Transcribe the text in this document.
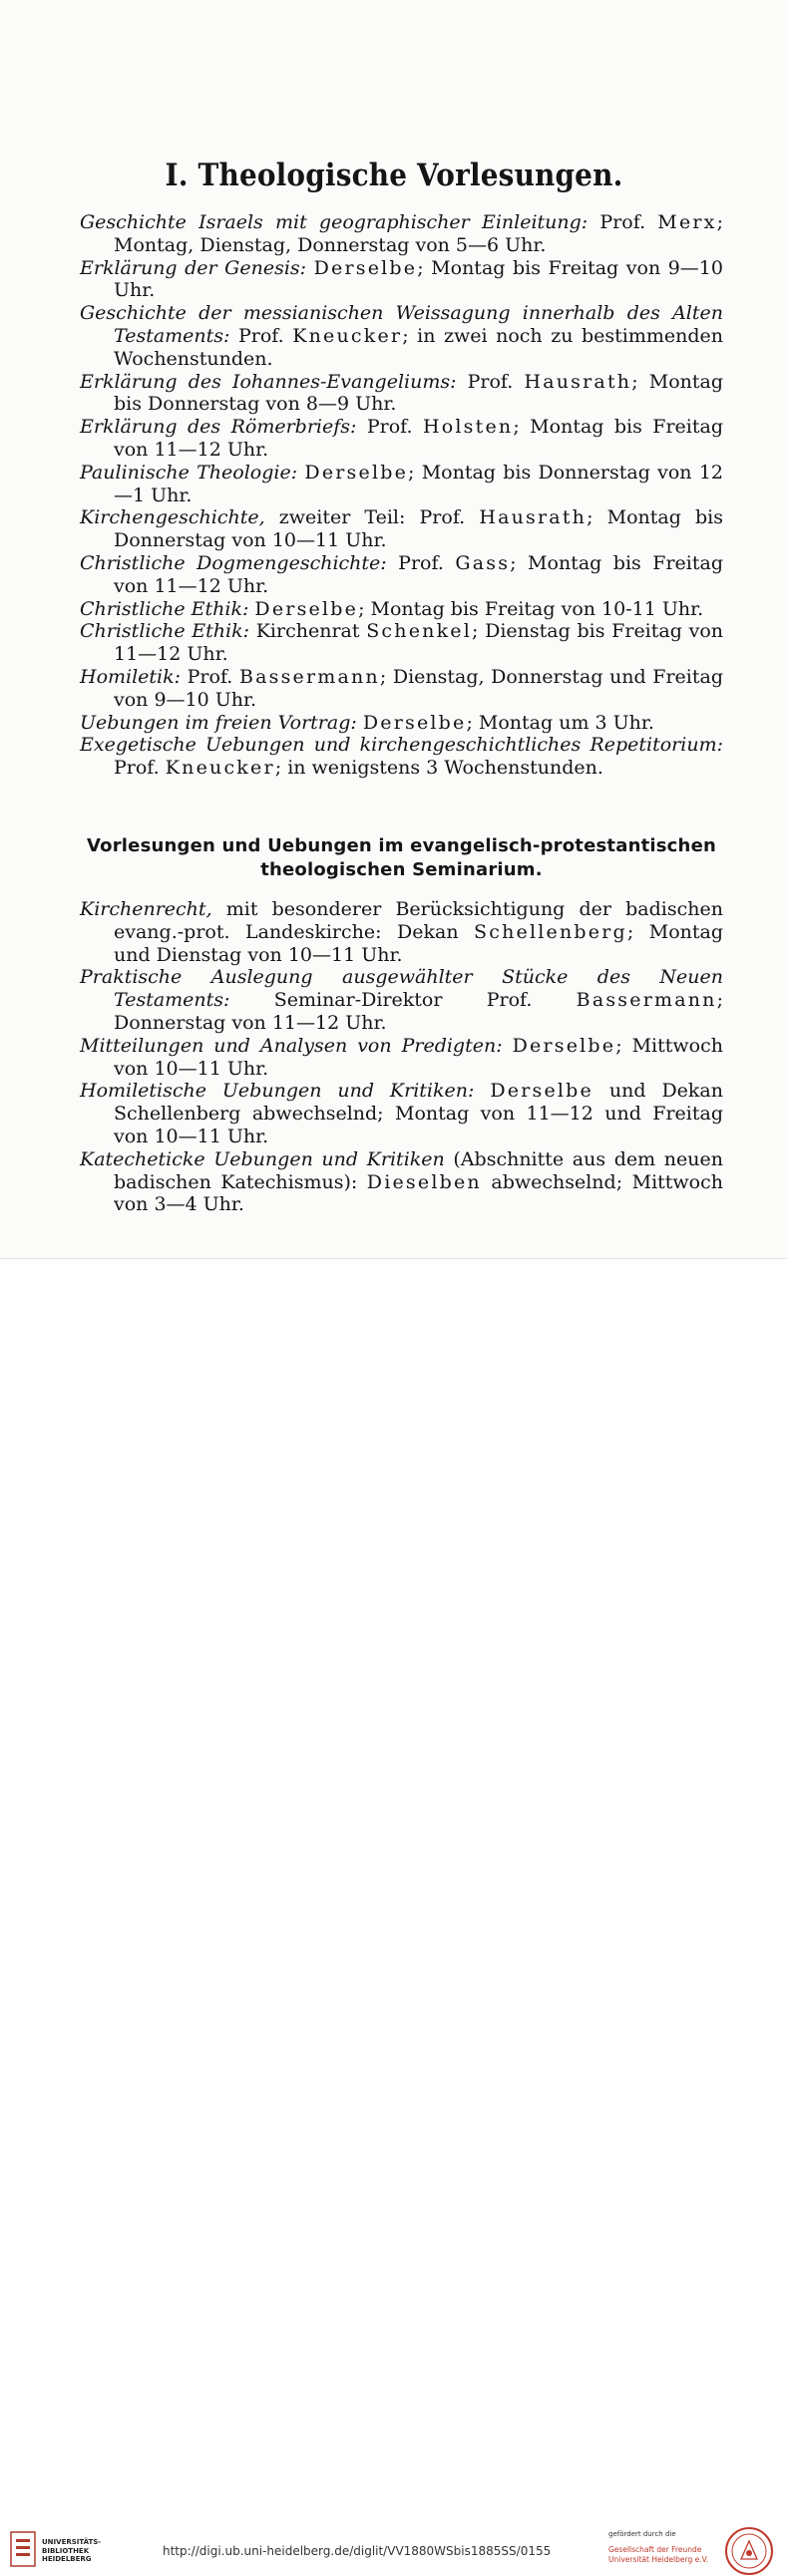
I. Theologische Vorlesungen.

Geschichte Israels mit geographischer Einleitung: Prof. Merx; Montag, Dienstag, Donnerstag von 5—6 Uhr.

Erklärung der Genesis: Derselbe; Montag bis Freitag von 9—10 Uhr.

Geschichte der messianischen Weissagung innerhalb des Alten Testaments: Prof. Kneucker; in zwei noch zu bestimmenden Wochenstunden.

Erklärung des Iohannes-Evangeliums: Prof. Hausrath; Montag bis Donnerstag von 8—9 Uhr.

Erklärung des Römerbriefs: Prof. Holsten; Montag bis Freitag von 11—12 Uhr.

Paulinische Theologie: Derselbe; Montag bis Donnerstag von 12—1 Uhr.

Kirchengeschichte, zweiter Teil: Prof. Hausrath; Montag bis Donnerstag von 10—11 Uhr.

Christliche Dogmengeschichte: Prof. Gass; Montag bis Freitag von 11—12 Uhr.

Christliche Ethik: Derselbe; Montag bis Freitag von 10-11 Uhr.

Christliche Ethik: Kirchenrat Schenkel; Dienstag bis Freitag von 11—12 Uhr.

Homiletik: Prof. Bassermann; Dienstag, Donnerstag und Freitag von 9—10 Uhr.

Uebungen im freien Vortrag: Derselbe; Montag um 3 Uhr.

Exegetische Uebungen und kirchengeschichtliches Repetitorium: Prof. Kneucker; in wenigstens 3 Wochenstunden.

Vorlesungen und Uebungen im evangelisch-protestantischen
theologischen Seminarium.

Kirchenrecht, mit besonderer Berücksichtigung der badischen evang.-prot. Landeskirche: Dekan Schellenberg; Montag und Dienstag von 10—11 Uhr.

Praktische Auslegung ausgewählter Stücke des Neuen Testaments: Seminar-Direktor Prof. Bassermann; Donnerstag von 11—12 Uhr.

Mitteilungen und Analysen von Predigten: Derselbe; Mittwoch von 10—11 Uhr.

Homiletische Uebungen und Kritiken: Derselbe und Dekan Schellenberg abwechselnd; Montag von 11—12 und Freitag von 10—11 Uhr.

Katecheticke Uebungen und Kritiken (Abschnitte aus dem neuen badischen Katechismus): Dieselben abwechselnd; Mittwoch von 3—4 Uhr.

UNIVERSITÄTS-
BIBLIOTHEK
HEIDELBERG
http://digi.ub.uni-heidelberg.de/diglit/VV1880WSbis1885SS/0155
gefördert durch die
Gesellschaft der Freunde
Universität Heidelberg e.V.
